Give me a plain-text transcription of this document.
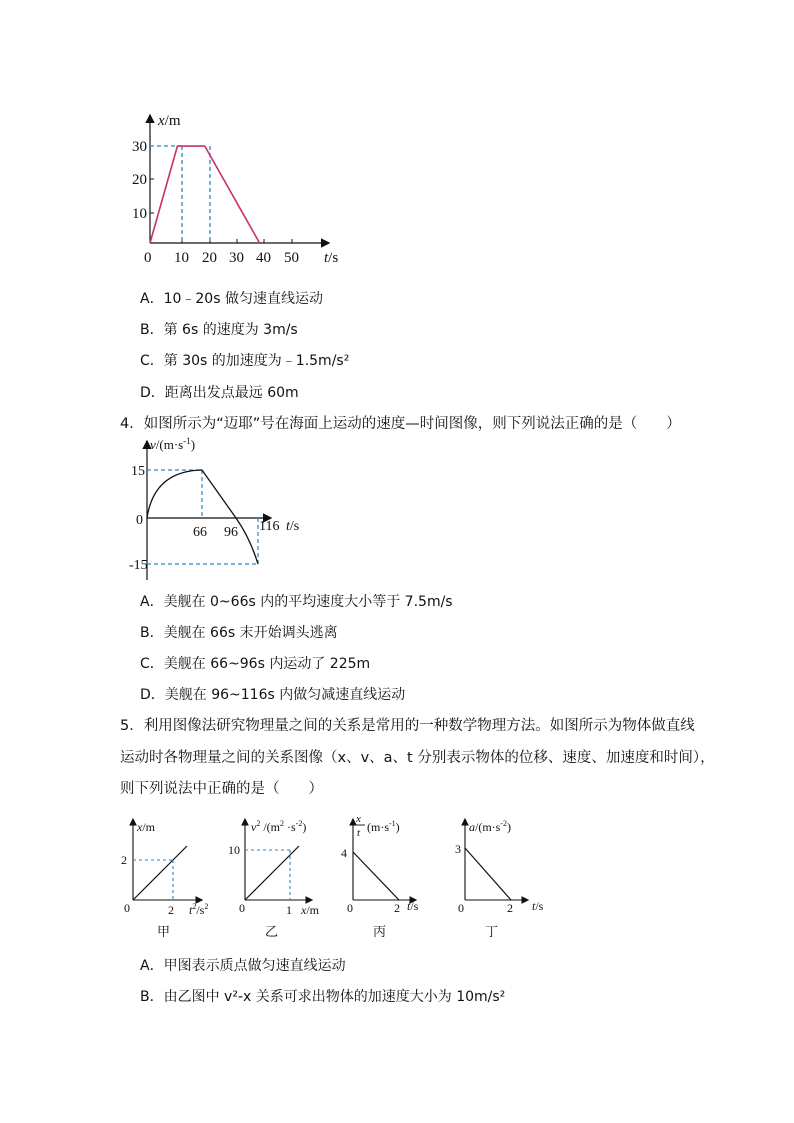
x/m
30
20
10
0 10 20 30 40 50 t/s
A．10﹣20s 做匀速直线运动
B．第 6s 的速度为 3m/s
C．第 30s 的加速度为﹣1.5m/s²
D．距离出发点最远 60m
4．如图所示为“迈耶”号在海面上运动的速度—时间图像，则下列说法正确的是（　　）
$v/(m\cdot s^{-1})$
15
0
-15
66 96 116 t/s
A．美舰在 0~66s 内的平均速度大小等于 7.5m/s
B．美舰在 66s 末开始调头逃离
C．美舰在 66~96s 内运动了 225m
D．美舰在 96~116s 内做匀减速直线运动
5．利用图像法研究物理量之间的关系是常用的一种数学物理方法。如图所示为物体做直线
运动时各物理量之间的关系图像（x、v、a、t 分别表示物体的位移、速度、加速度和时间），
则下列说法中正确的是（　　）
x/m
2
0	2 $t^2/s^2$
甲
$v^2$ $/(m^2 \cdot s^{-2})$
10
0	1 x/m
乙
x
t $(m\cdot s^{-1})$
4
0	2 t/s
丙
$a/(m\cdot s^{-2})$
3
0	2 t/s
丁
A．甲图表示质点做匀速直线运动
B．由乙图中 v²-x 关系可求出物体的加速度大小为 10m/s²
